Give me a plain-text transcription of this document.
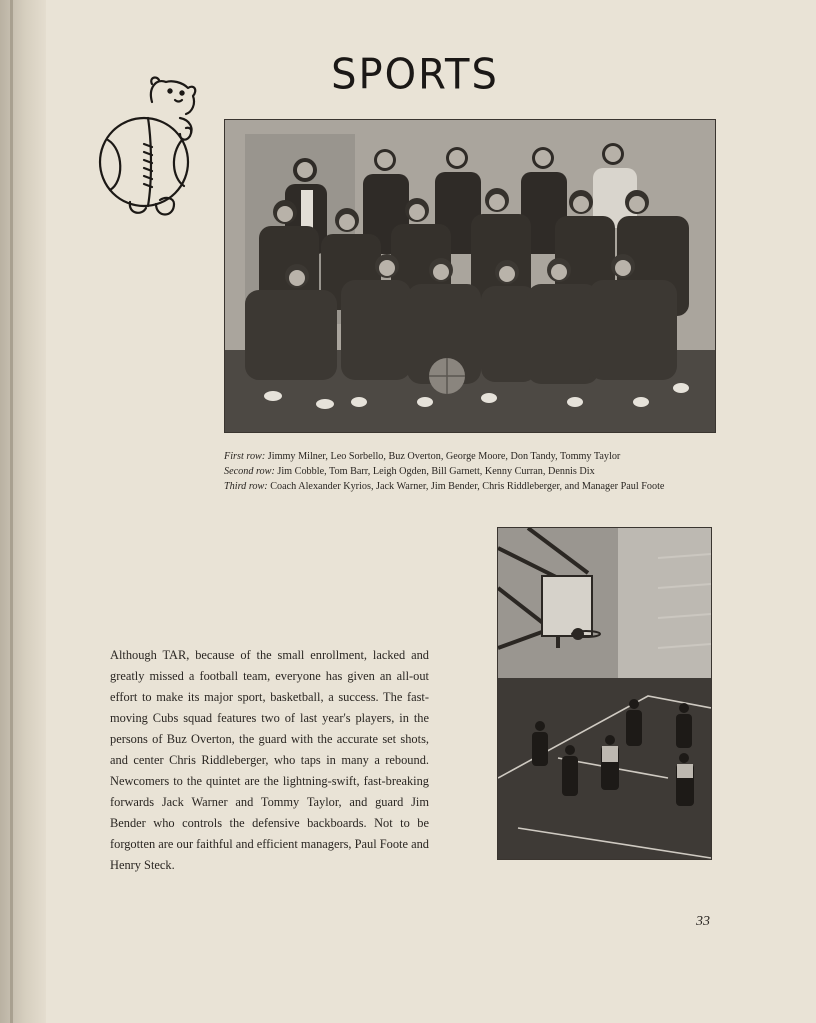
SPORTS
First row: Jimmy Milner, Leo Sorbello, Buz Overton, George Moore, Don Tandy, Tommy Taylor
Second row: Jim Cobble, Tom Barr, Leigh Ogden, Bill Garnett, Kenny Curran, Dennis Dix
Third row: Coach Alexander Kyrios, Jack Warner, Jim Bender, Chris Riddleberger, and Manager Paul Foote

Although TAR, because of the small enrollment, lacked and greatly missed a football team, everyone has given an all-out effort to make its major sport, basketball, a success. The fast-moving Cubs squad features two of last year's players, in the persons of Buz Overton, the guard with the accurate set shots, and center Chris Riddleberger, who taps in many a rebound. Newcomers to the quintet are the lightning-swift, fast-breaking forwards Jack Warner and Tommy Taylor, and guard Jim Bender who controls the defensive backboards. Not to be forgotten are our faithful and efficient managers, Paul Foote and Henry Steck.

33
